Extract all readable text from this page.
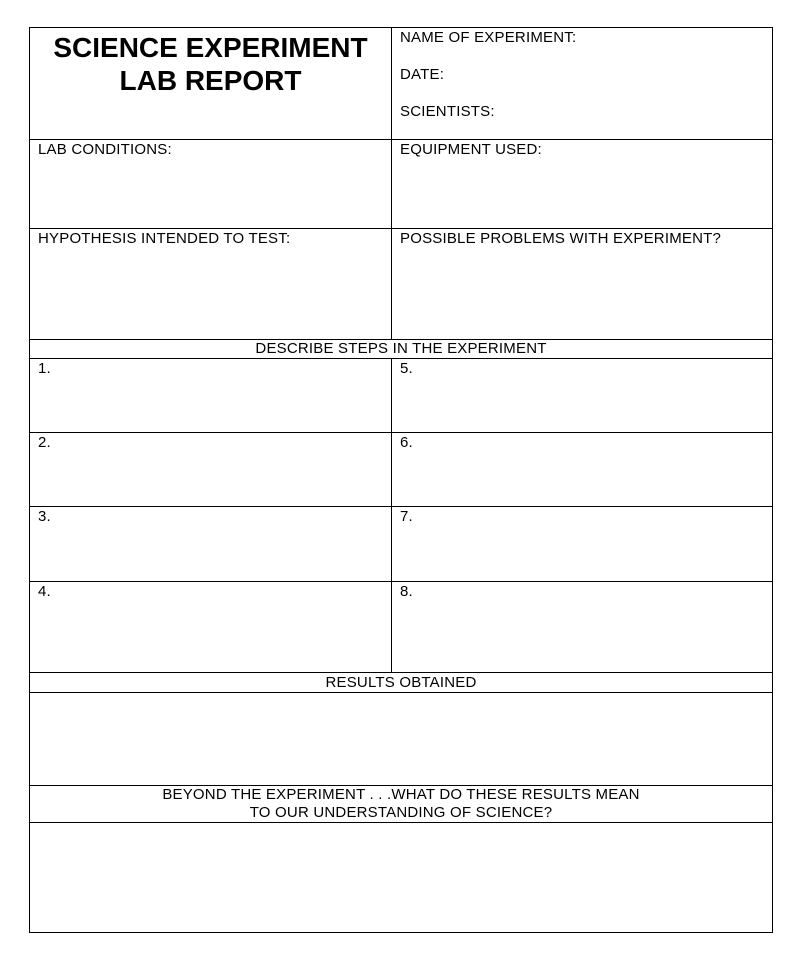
SCIENCE EXPERIMENT
LAB REPORT
NAME OF EXPERIMENT:
DATE:
SCIENTISTS:
LAB CONDITIONS:	EQUIPMENT USED:
HYPOTHESIS INTENDED TO TEST:	POSSIBLE PROBLEMS WITH EXPERIMENT?
DESCRIBE STEPS IN THE EXPERIMENT
1.
2.
3.
4.
5.
6.
7.
8.
RESULTS OBTAINED
BEYOND THE EXPERIMENT . . .WHAT DO THESE RESULTS MEAN
TO OUR UNDERSTANDING OF SCIENCE?
